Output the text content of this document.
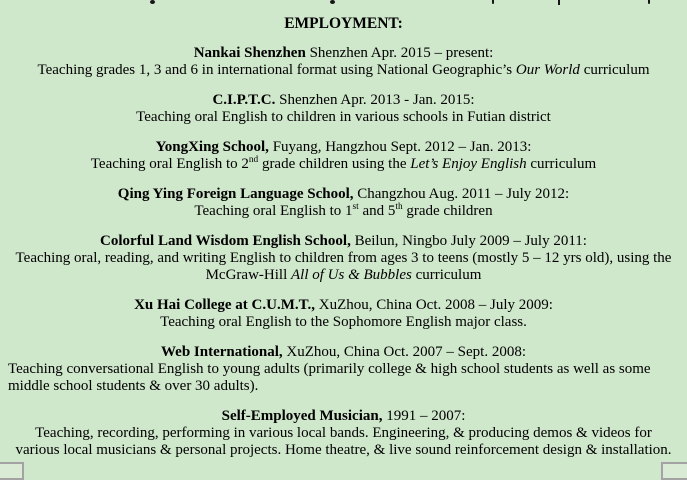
EMPLOYMENT:
Nankai Shenzhen Shenzhen Apr. 2015 – present:
Teaching grades 1, 3 and 6 in international format using National Geographic’s Our World curriculum
C.I.P.T.C. Shenzhen Apr. 2013 - Jan. 2015:
Teaching oral English to children in various schools in Futian district
YongXing School, Fuyang, Hangzhou Sept. 2012 – Jan. 2013:
Teaching oral English to 2nd grade children using the Let’s Enjoy English curriculum
Qing Ying Foreign Language School, Changzhou Aug. 2011 – July 2012:
Teaching oral English to 1st and 5th grade children
Colorful Land Wisdom English School, Beilun, Ningbo July 2009 – July 2011:
Teaching oral, reading, and writing English to children from ages 3 to teens (mostly 5 – 12 yrs old), using the
McGraw-Hill All of Us & Bubbles curriculum
Xu Hai College at C.U.M.T., XuZhou, China Oct. 2008 – July 2009:
Teaching oral English to the Sophomore English major class.
Web International, XuZhou, China Oct. 2007 – Sept. 2008:
Teaching conversational English to young adults (primarily college & high school students as well as some
middle school students & over 30 adults).
Self-Employed Musician, 1991 – 2007:
Teaching, recording, performing in various local bands. Engineering, & producing demos & videos for
various local musicians & personal projects. Home theatre, & live sound reinforcement design & installation.
